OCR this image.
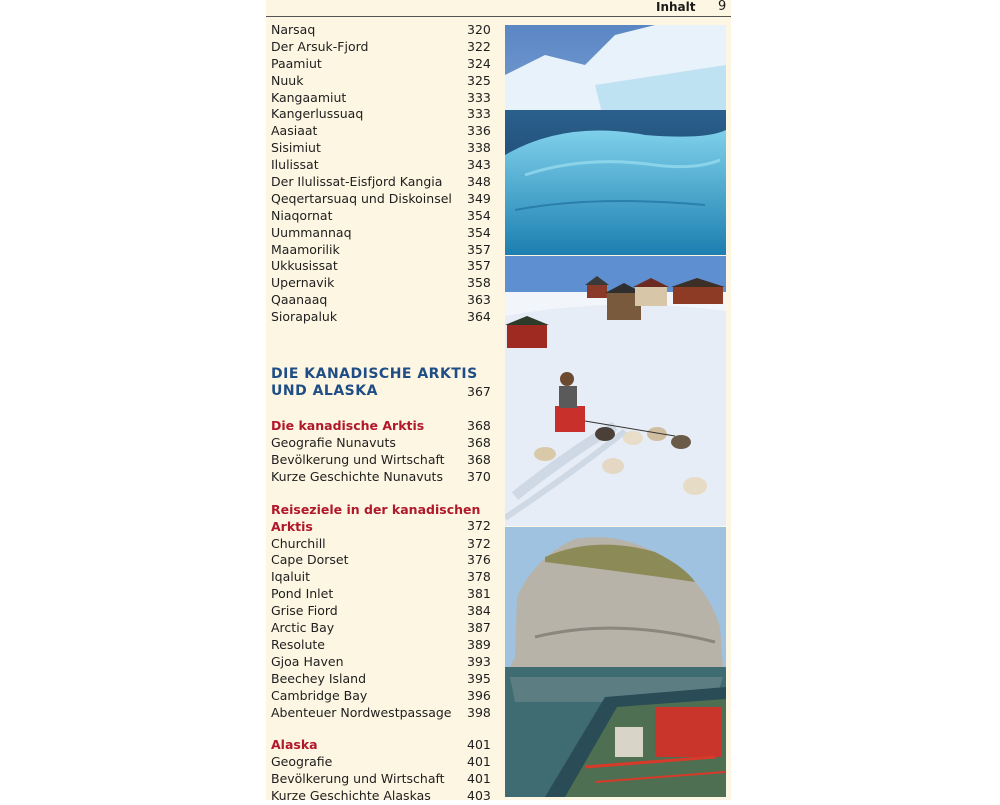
Inhalt 9
Narsaq	320
Der Arsuk-Fjord	322
Paamiut	324
Nuuk	325
Kangaamiut	333
Kangerlussuaq	333
Aasiaat	336
Sisimiut	338
Ilulissat	343
Der Ilulissat-Eisfjord Kangia 348
Qeqertarsuaq und Diskoinsel 349
Niaqornat	354
Uummannaq	354
Maamorilik	357
Ukkusissat	357
Upernavik	358
Qaanaaq	363
Siorapaluk	364
DIE KANADISCHE ARKTIS
UND ALASKA	367
Die kanadische Arktis	368
Geografie Nunavuts	368
Bevölkerung und Wirtschaft 368
Kurze Geschichte Nunavuts 370
Reiseziele in der kanadischen
Arktis	372
Churchill	372
Cape Dorset	376
Iqaluit	378
Pond Inlet	381
Grise Fiord	384
Arctic Bay	387
Resolute	389
Gjoa Haven	393
Beechey Island	395
Cambridge Bay	396
Abenteuer Nordwestpassage 398
Alaska	401
Geografie	401
Bevölkerung und Wirtschaft 401
Kurze Geschichte Alaskas	403
